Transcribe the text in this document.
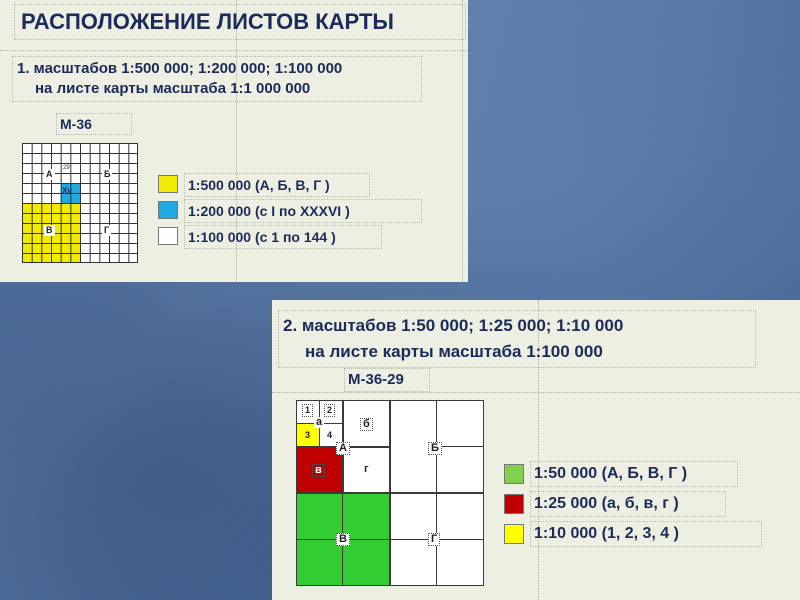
РАСПОЛОЖЕНИЕ ЛИСТОВ КАРТЫ
1. масштабов 1:500 000; 1:200 000; 1:100 000
на листе карты масштаба 1:1 000 000
М-36
А	Б
В	Г
Xv
29
1:500 000 (А, Б, В, Г )
1:200 000 (с I по XXXVI )
1:100 000 (с 1 по 144 )
2. масштабов 1:50 000; 1:25 000; 1:10 000
на листе карты масштаба 1:100 000
М-36-29
1	2
3 4
а	б
в	г
А	Б
В	Г
1:50 000 (А, Б, В, Г )
1:25 000 (а, б, в, г )
1:10 000 (1, 2, 3, 4 )
